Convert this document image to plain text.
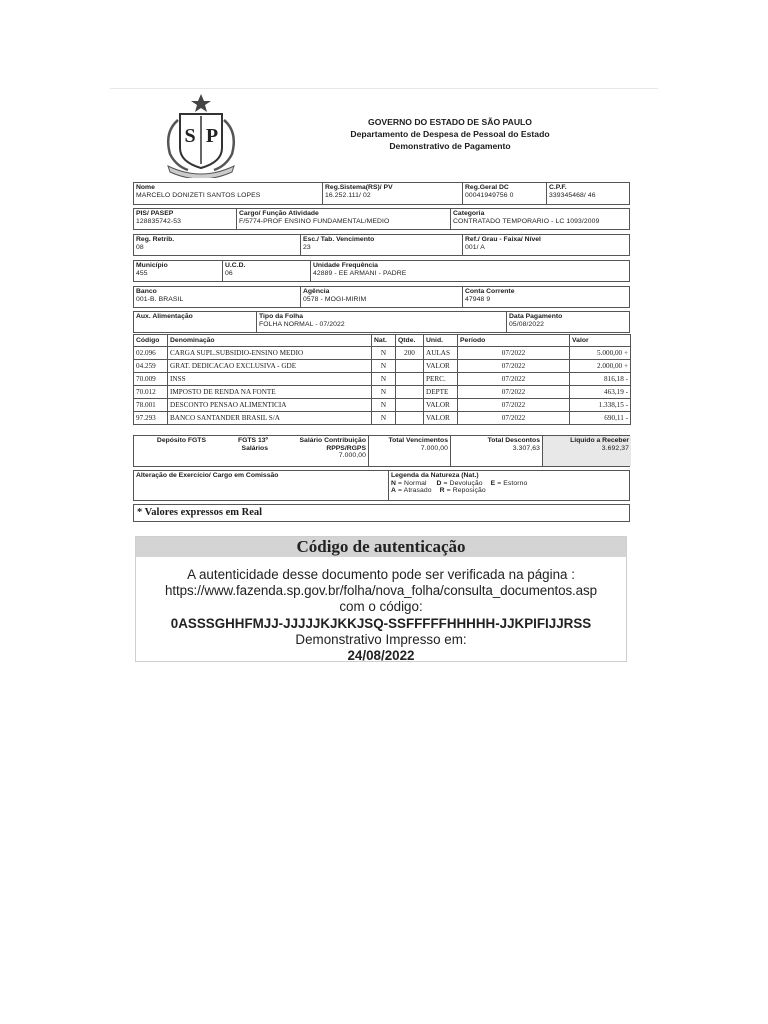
S P
GOVERNO DO ESTADO DE SÃO PAULO
Departamento de Despesa de Pessoal do Estado
Demonstrativo de Pagamento
Nome
MARCELO DONIZETI SANTOS LOPES
Reg.Sistema(RS)/ PV
16.252.111/ 02
Reg.Geral DC
00041949756 0
C.P.F.
339345468/ 46
PIS/ PASEP
128835742-53
Cargo/ Função Atividade
F/5774-PROF ENSINO FUNDAMENTAL/MEDIO
Categoria
CONTRATADO TEMPORARIO - LC 1093/2009
Reg. Retrib.
08
Esc./ Tab. Vencimento
23
Ref./ Grau - Faixa/ Nível
001/ A
Município
455
U.C.D.
06
Unidade Frequência
42889 - EE ARMANI - PADRE
Banco
001-B. BRASIL
Agência
0578 - MOGI-MIRIM
Conta Corrente
47948 9
Aux. Alimentação	Tipo da Folha
FOLHA NORMAL - 07/2022
Data Pagamento
05/08/2022
Código	Denominação	Nat.	Qtde.	Unid.	Período	Valor
02.096	CARGA SUPL.SUBSIDIO-ENSINO MEDIO	N	200	AULAS	07/2022	5.000,00 +
04.259	GRAT. DEDICACAO EXCLUSIVA - GDE	N		VALOR	07/2022	2.000,00 +
70.009	INSS	N		PERC.	07/2022	816,18 -
70.012	IMPOSTO DE RENDA NA FONTE	N		DEPTE	07/2022	463,19 -
78.001	DESCONTO PENSAO ALIMENTICIA	N		VALOR	07/2022	1.338,15 -
97.293	BANCO SANTANDER BRASIL S/A	N		VALOR	07/2022	690,11 -
Depósito FGTS	FGTS 13º Salários
Salário Contribuição RPPS/RGPS
7.000,00
Total Vencimentos
7.000,00
Total Descontos
3.307,63
Líquido a Receber
3.692,37
Alteração de Exercício/ Cargo em Comissão	Legenda da Natureza (Nat.)
N = Normal D = Devolução E = Estorno
A = Atrasado R = Reposição
* Valores expressos em Real
Código de autenticação
A autenticidade desse documento pode ser verificada na página :
https://www.fazenda.sp.gov.br/folha/nova_folha/consulta_documentos.asp
com o código:
0ASSSGHHFMJJ-JJJJJKJKKJSQ-SSFFFFFHHHHH-JJKPIFIJJRSS
Demonstrativo Impresso em:
24/08/2022
